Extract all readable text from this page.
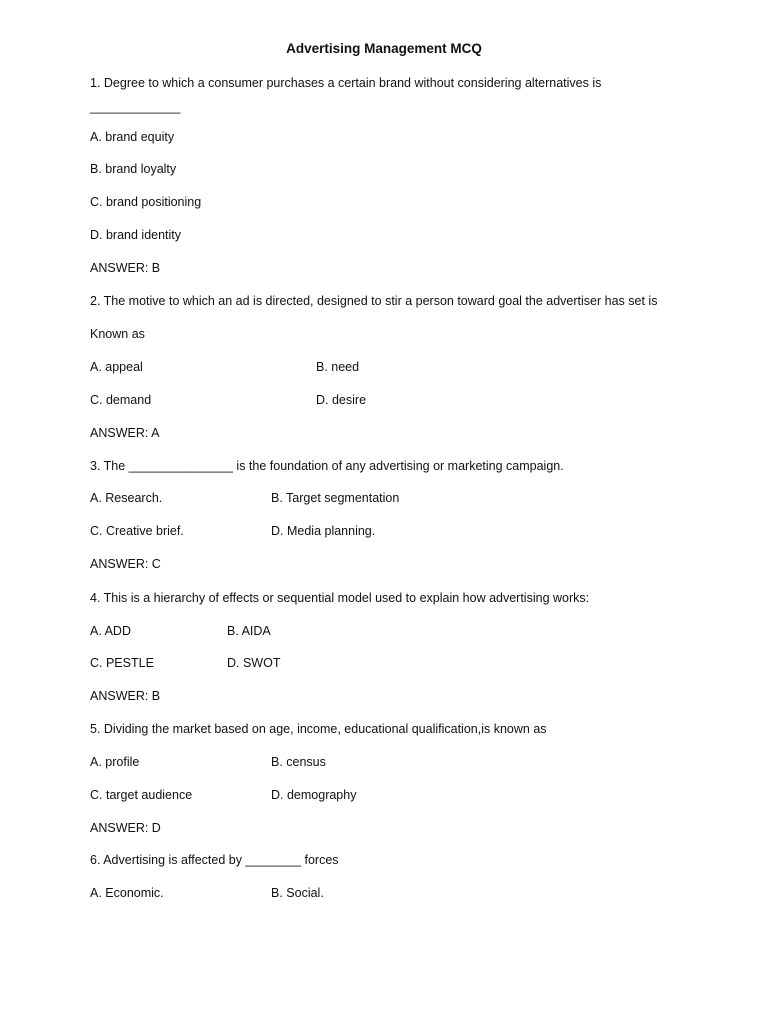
Advertising Management MCQ
1. Degree to which a consumer purchases a certain brand without considering alternatives is
_____________
A. brand equity
B. brand loyalty
C. brand positioning
D. brand identity
ANSWER: B
2. The motive to which an ad is directed, designed to stir a person toward goal the advertiser has set is
Known as
A. appeal	B. need
C. demand	D. desire
ANSWER: A
3. The _______________ is the foundation of any advertising or marketing campaign.
A. Research.	B. Target segmentation
C. Creative brief.	D. Media planning.
ANSWER: C
4. This is a hierarchy of effects or sequential model used to explain how advertising works:
A. ADD	B. AIDA
C. PESTLE	D. SWOT
ANSWER: B
5. Dividing the market based on age, income, educational qualification,is known as
A. profile	B. census
C. target audience	D. demography
ANSWER: D
6. Advertising is affected by ________ forces
A. Economic.	B. Social.
